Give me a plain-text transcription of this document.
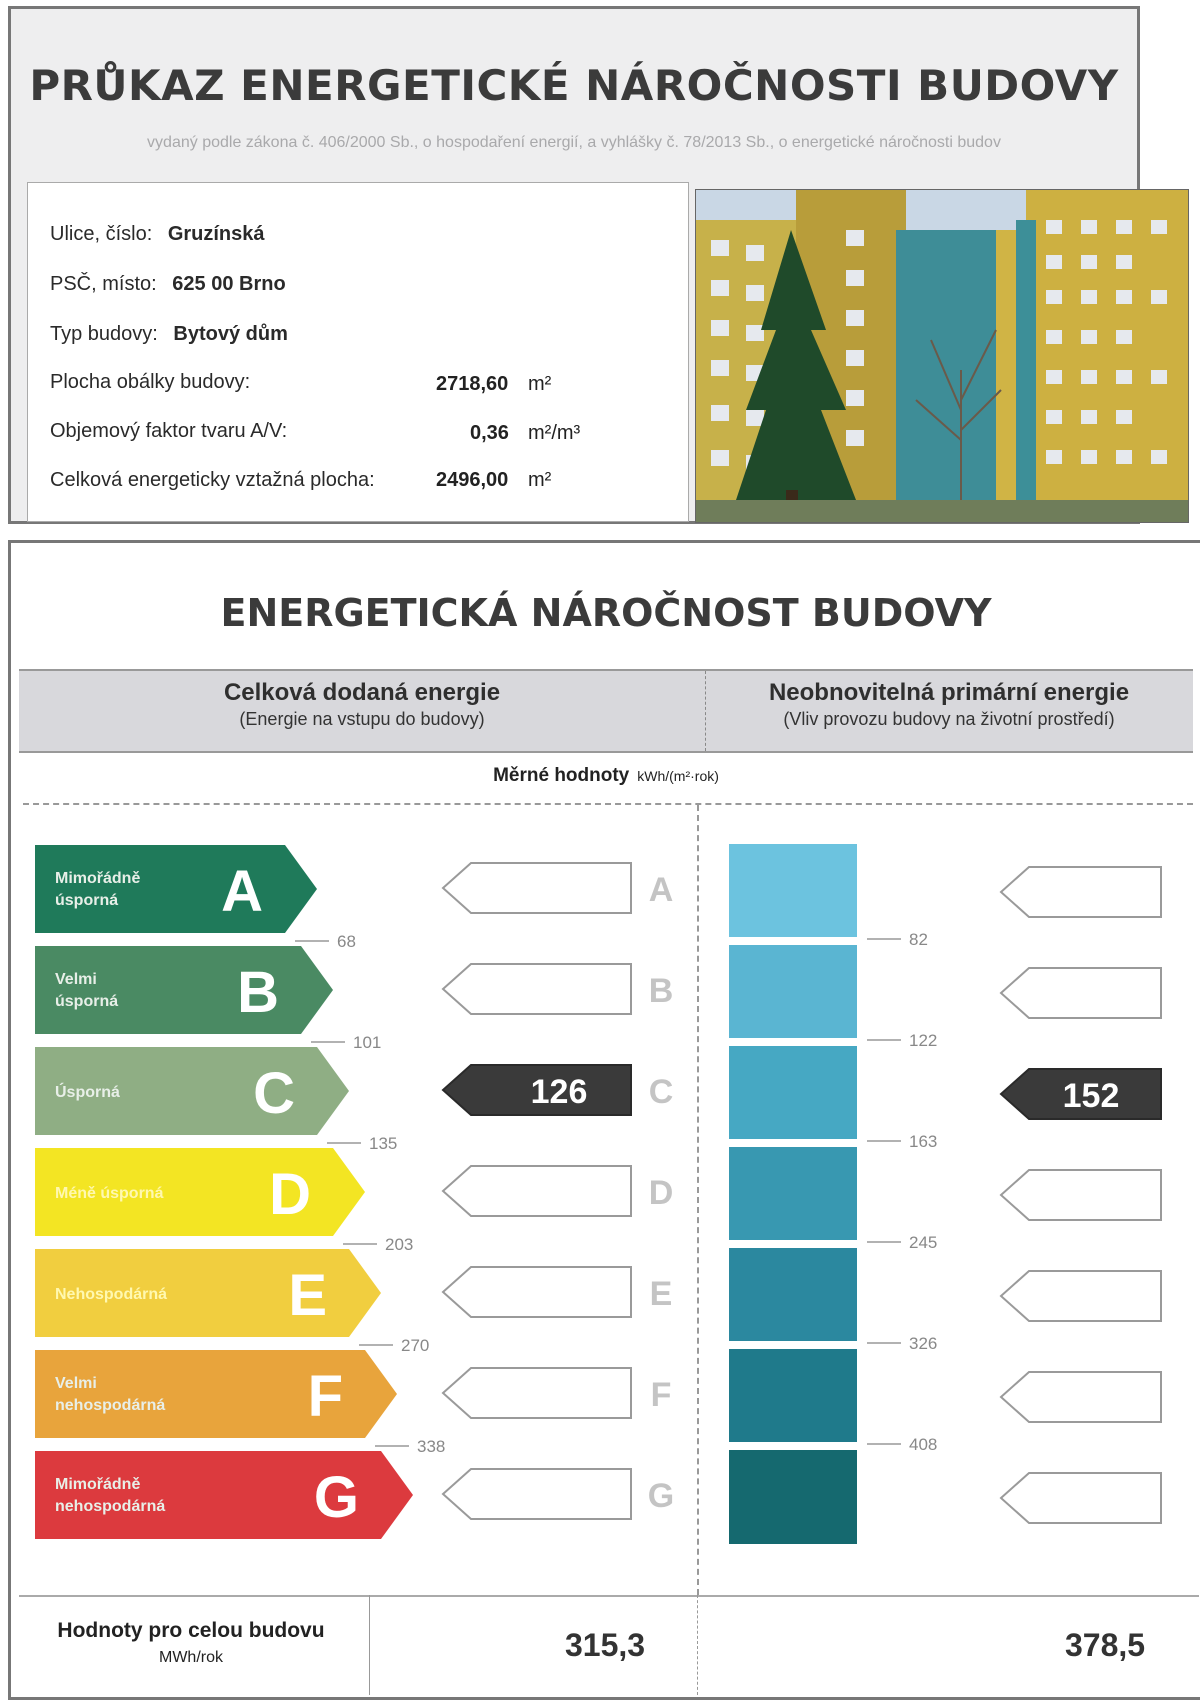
PRŮKAZ ENERGETICKÉ NÁROČNOSTI BUDOVY
vydaný podle zákona č. 406/2000 Sb., o hospodaření energií, a vyhlášky č. 78/2013 Sb., o energetické náročnosti budov
Ulice, číslo: Gruzínská
PSČ, místo: 625 00 Brno
Typ budovy: Bytový dům
Plocha obálky budovy:	2718,60 m²
Objemový faktor tvaru A/V:	0,36 m²/m³
Celková energeticky vztažná plocha:	2496,00 m²
ENERGETICKÁ NÁROČNOST BUDOVY
Celková dodaná energie
(Energie na vstupu do budovy)
Neobnovitelná primární energie
(Vliv provozu budovy na životní prostředí)
Měrné hodnoty kWh/(m²·rok)
Mimořádně
úsporná A	A
Velmi
úsporná B	B
Úsporná C	126 C
Méně úsporná D	D
Nehospodárná E	E
Velmi
nehospodárná F	F
Mimořádně
nehospodárná	G	G
68
101
135
203
270
338
152
82
122
163
245
326
408
Hodnoty pro celou budovu
MWh/rok	315,3	378,5
